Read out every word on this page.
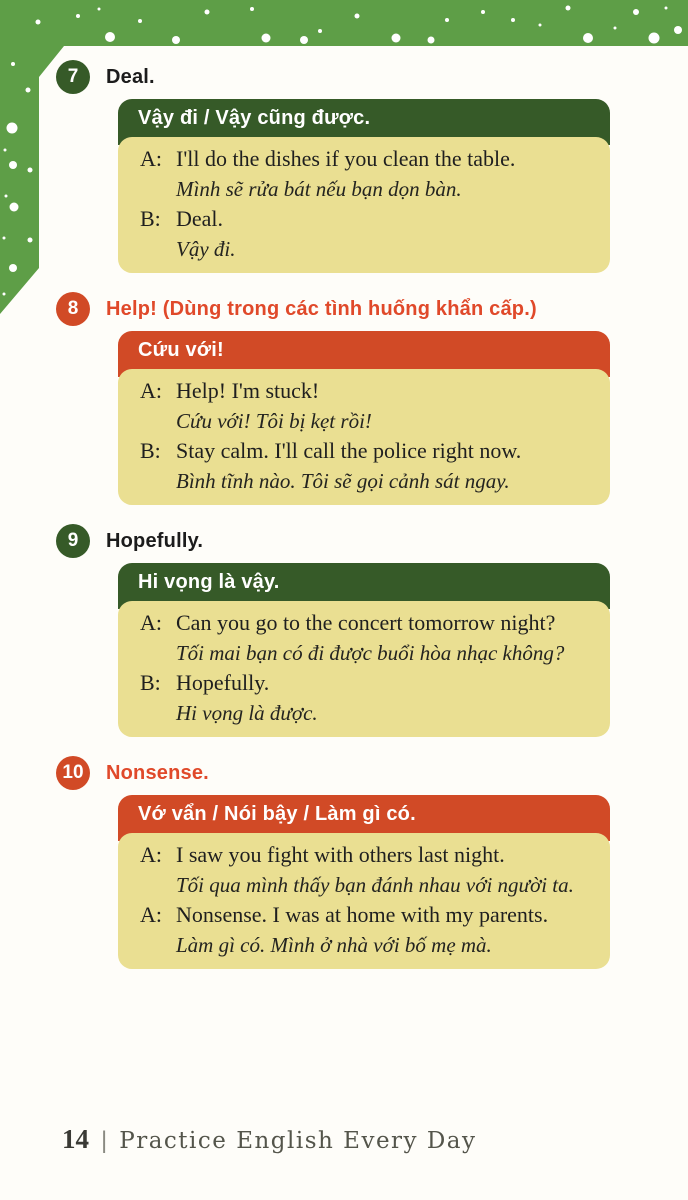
7	Deal.
Vậy đi / Vậy cũng được.
A: I'll do the dishes if you clean the table.
Mình sẽ rửa bát nếu bạn dọn bàn.
B: Deal.
Vậy đi.
8	Help! (Dùng trong các tình huống khẩn cấp.)
Cứu với!
A: Help! I'm stuck!
Cứu với! Tôi bị kẹt rồi!
B: Stay calm. I'll call the police right now.
Bình tĩnh nào. Tôi sẽ gọi cảnh sát ngay.
9	Hopefully.
Hi vọng là vậy.
A: Can you go to the concert tomorrow night?
Tối mai bạn có đi được buổi hòa nhạc không?
B: Hopefully.
Hi vọng là được.
10	Nonsense.
Vớ vẩn / Nói bậy / Làm gì có.
A: I saw you fight with others last night.
Tối qua mình thấy bạn đánh nhau với người ta.
A: Nonsense. I was at home with my parents.
Làm gì có. Mình ở nhà với bố mẹ mà.
14 | Practice English Every Day
